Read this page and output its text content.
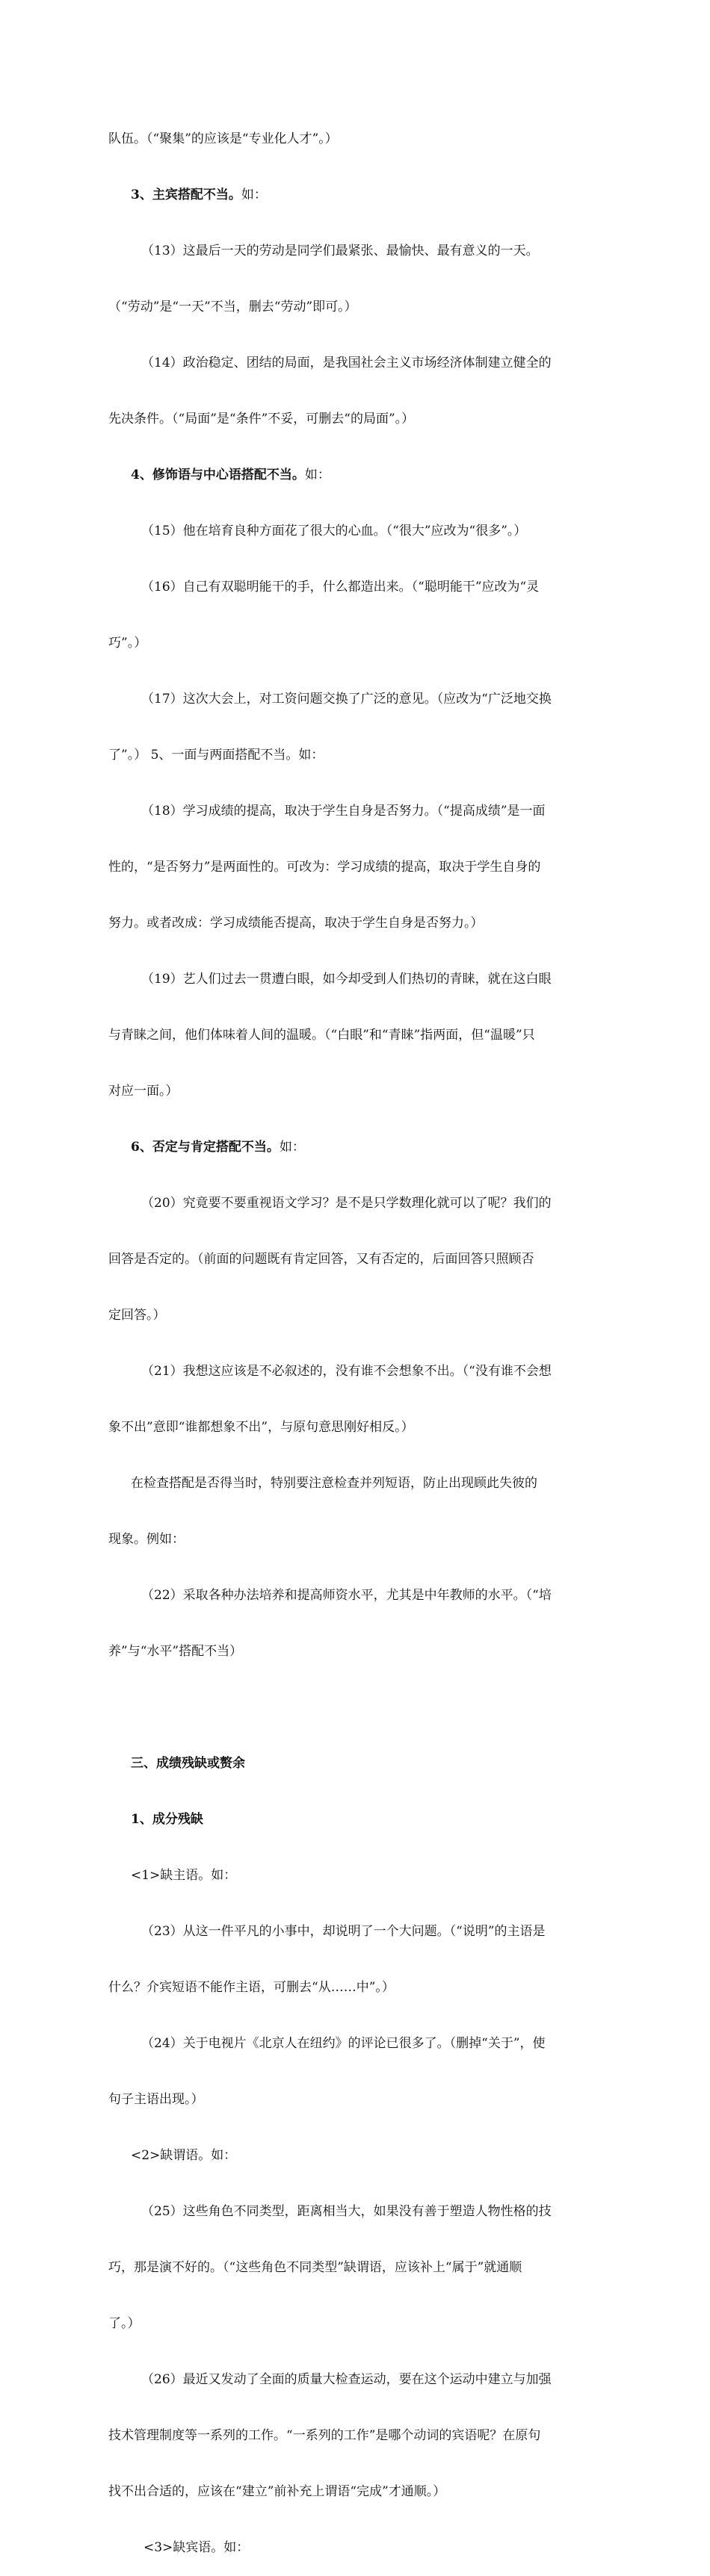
队伍。（“聚集”的应该是“专业化人才”。）

3、主宾搭配不当。如：

（13）这最后一天的劳动是同学们最紧张、最愉快、最有意义的一天。

（“劳动”是“一天”不当，删去“劳动”即可。）

（14）政治稳定、团结的局面，是我国社会主义市场经济体制建立健全的

先决条件。（“局面”是“条件”不妥，可删去“的局面”。）

4、修饰语与中心语搭配不当。如：

（15）他在培育良种方面花了很大的心血。（“很大”应改为“很多”。）

（16）自己有双聪明能干的手，什么都造出来。（“聪明能干”应改为“灵

巧”。）

（17）这次大会上，对工资问题交换了广泛的意见。（应改为“广泛地交换

了”。） 5、一面与两面搭配不当。如：

（18）学习成绩的提高，取决于学生自身是否努力。（“提高成绩”是一面

性的，“是否努力”是两面性的。可改为：学习成绩的提高，取决于学生自身的

努力。或者改成：学习成绩能否提高，取决于学生自身是否努力。）

（19）艺人们过去一贯遭白眼，如今却受到人们热切的青睐，就在这白眼

与青睐之间，他们体味着人间的温暖。（“白眼”和“青睐”指两面，但“温暖”只

对应一面。）

6、否定与肯定搭配不当。如：

（20）究竟要不要重视语文学习？是不是只学数理化就可以了呢？我们的

回答是否定的。（前面的问题既有肯定回答，又有否定的，后面回答只照顾否

定回答。）

（21）我想这应该是不必叙述的，没有谁不会想象不出。（“没有谁不会想

象不出”意即“谁都想象不出”，与原句意思刚好相反。）

在检查搭配是否得当时，特别要注意检查并列短语，防止出现顾此失彼的

现象。例如：

（22）采取各种办法培养和提高师资水平，尤其是中年教师的水平。（“培

养”与“水平”搭配不当）

三、成绩残缺或赘余

1、成分残缺

<1>缺主语。如：

（23）从这一件平凡的小事中，却说明了一个大问题。（“说明”的主语是

什么？介宾短语不能作主语，可删去“从……中”。）

（24）关于电视片《北京人在纽约》的评论已很多了。（删掉“关于”，使

句子主语出现。）

<2>缺谓语。如：

（25）这些角色不同类型，距离相当大，如果没有善于塑造人物性格的技

巧，那是演不好的。（“这些角色不同类型”缺谓语，应该补上“属于”就通顺

了。）

（26）最近又发动了全面的质量大检查运动，要在这个运动中建立与加强

技术管理制度等一系列的工作。“一系列的工作”是哪个动词的宾语呢？在原句

找不出合适的，应该在“建立”前补充上谓语“完成”才通顺。）

<3>缺宾语。如：
